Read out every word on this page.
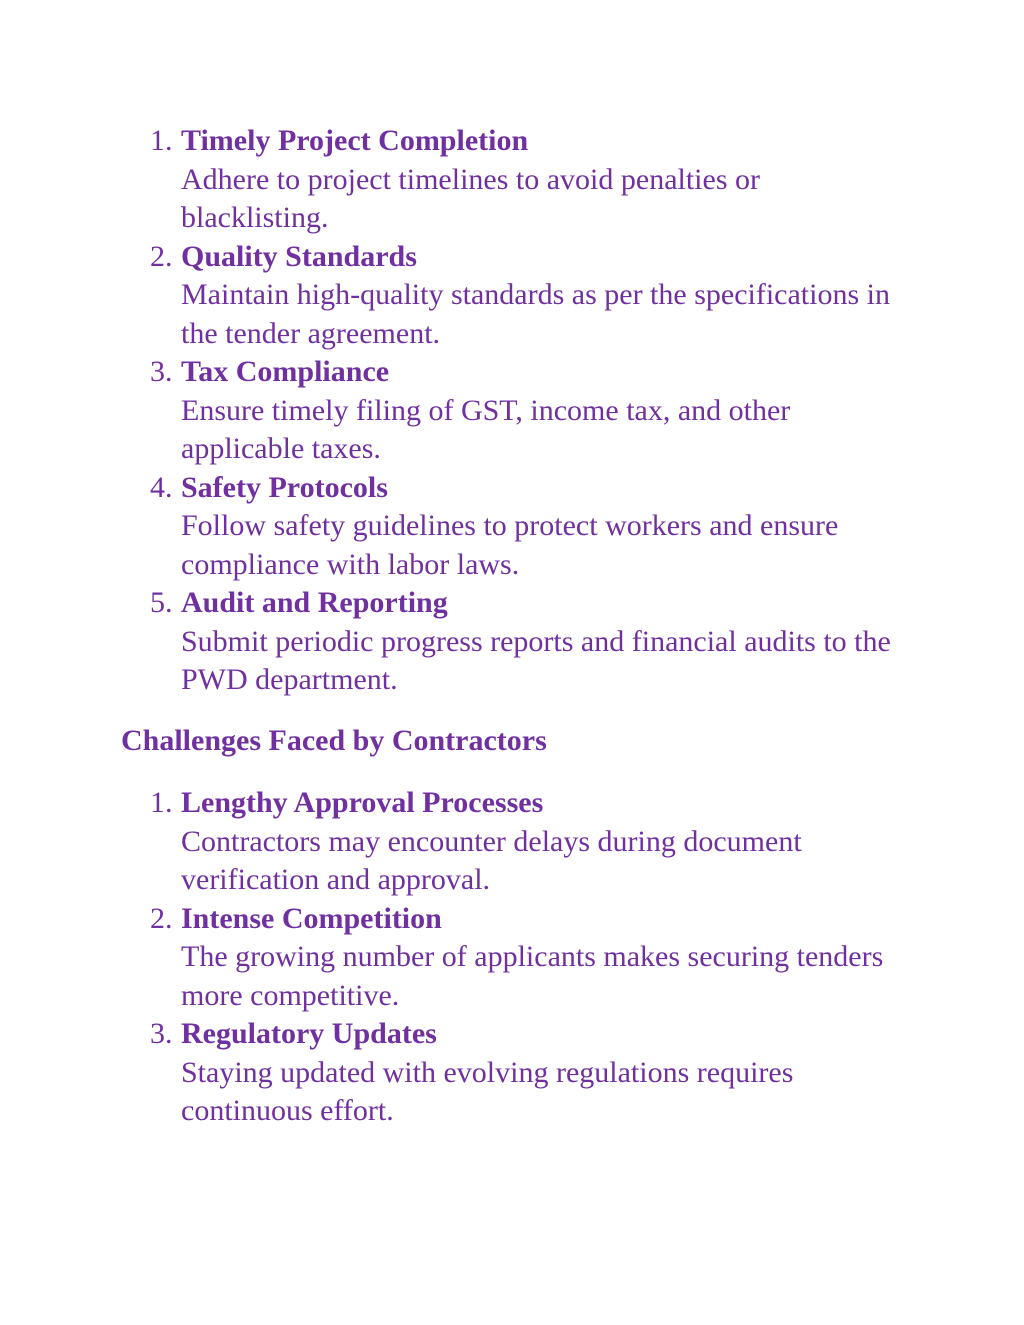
1. Timely Project Completion
Adhere to project timelines to avoid penalties or blacklisting.
2. Quality Standards
Maintain high-quality standards as per the specifications in the tender agreement.
3. Tax Compliance
Ensure timely filing of GST, income tax, and other applicable taxes.
4. Safety Protocols
Follow safety guidelines to protect workers and ensure compliance with labor laws.
5. Audit and Reporting
Submit periodic progress reports and financial audits to the PWD department.
Challenges Faced by Contractors
1. Lengthy Approval Processes
Contractors may encounter delays during document verification and approval.
2. Intense Competition
The growing number of applicants makes securing tenders more competitive.
3. Regulatory Updates
Staying updated with evolving regulations requires continuous effort.
